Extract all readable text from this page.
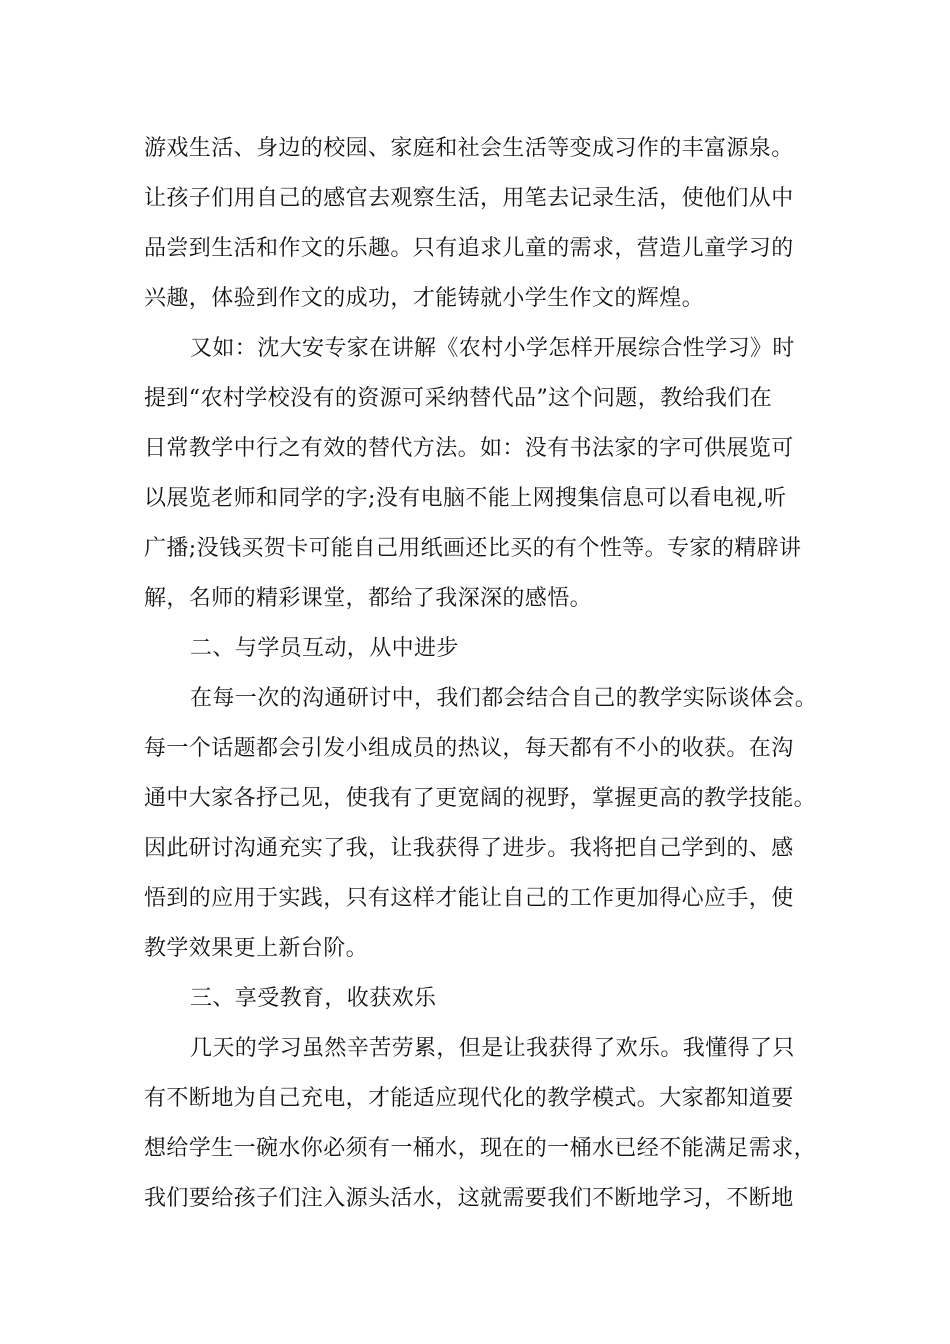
游戏生活、身边的校园、家庭和社会生活等变成习作的丰富源泉。
让孩子们用自己的感官去观察生活，用笔去记录生活，使他们从中
品尝到生活和作文的乐趣。只有追求儿童的需求，营造儿童学习的
兴趣，体验到作文的成功，才能铸就小学生作文的辉煌。
又如：沈大安专家在讲解《农村小学怎样开展综合性学习》时
提到“农村学校没有的资源可采纳替代品”这个问题，教给我们在
日常教学中行之有效的替代方法。如：没有书法家的字可供展览可
以展览老师和同学的字;没有电脑不能上网搜集信息可以看电视,听
广播;没钱买贺卡可能自己用纸画还比买的有个性等。专家的精辟讲
解，名师的精彩课堂，都给了我深深的感悟。
二、与学员互动，从中进步
在每一次的沟通研讨中，我们都会结合自己的教学实际谈体会。
每一个话题都会引发小组成员的热议，每天都有不小的收获。在沟
通中大家各抒己见，使我有了更宽阔的视野，掌握更高的教学技能。
因此研讨沟通充实了我，让我获得了进步。我将把自己学到的、感
悟到的应用于实践，只有这样才能让自己的工作更加得心应手，使
教学效果更上新台阶。
三、享受教育，收获欢乐
几天的学习虽然辛苦劳累，但是让我获得了欢乐。我懂得了只
有不断地为自己充电，才能适应现代化的教学模式。大家都知道要
想给学生一碗水你必须有一桶水，现在的一桶水已经不能满足需求，
我们要给孩子们注入源头活水，这就需要我们不断地学习，不断地
